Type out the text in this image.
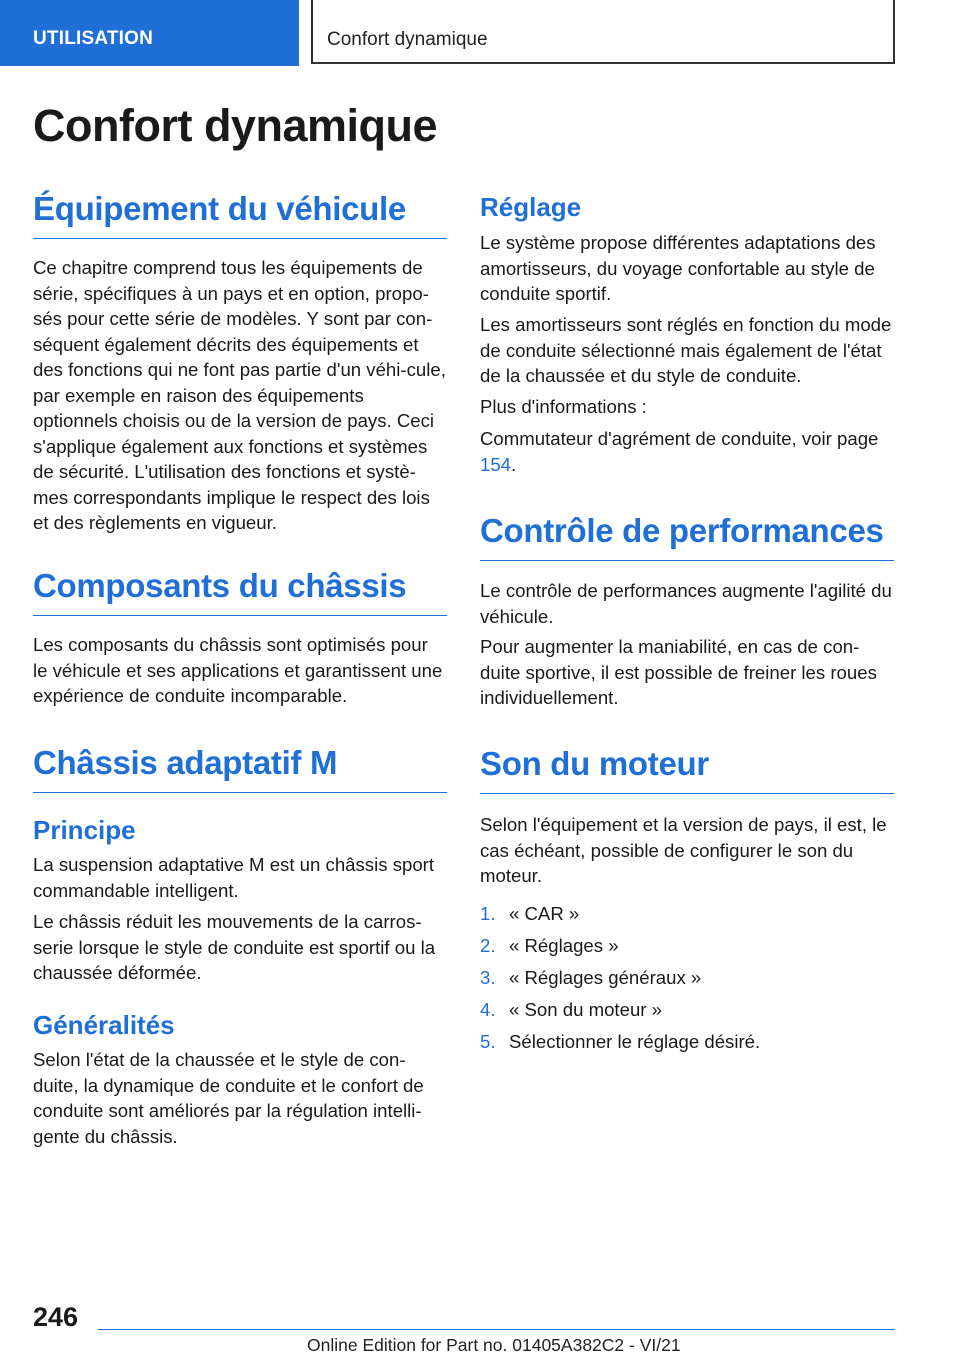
UTILISATION	Confort dynamique
Confort dynamique
Équipement du véhicule

Ce chapitre comprend tous les équipements de série, spécifiques à un pays et en option, propo-sés pour cette série de modèles. Y sont par con-séquent également décrits des équipements et des fonctions qui ne font pas partie d'un véhi-cule, par exemple en raison des équipements optionnels choisis ou de la version de pays. Ceci s'applique également aux fonctions et systèmes de sécurité. L'utilisation des fonctions et systè-mes correspondants implique le respect des lois et des règlements en vigueur.

Composants du châssis

Les composants du châssis sont optimisés pour le véhicule et ses applications et garantissent une expérience de conduite incomparable.

Châssis adaptatif M
Principe

La suspension adaptative M est un châssis sport commandable intelligent.

Le châssis réduit les mouvements de la carros-serie lorsque le style de conduite est sportif ou la chaussée déformée.

Généralités

Selon l'état de la chaussée et le style de con-duite, la dynamique de conduite et le confort de conduite sont améliorés par la régulation intelli-gente du châssis.

Réglage

Le système propose différentes adaptations des amortisseurs, du voyage confortable au style de conduite sportif.

Les amortisseurs sont réglés en fonction du mode de conduite sélectionné mais également de l'état de la chaussée et du style de conduite.

Plus d'informations :

Commutateur d'agrément de conduite, voir page 154.

Contrôle de performances

Le contrôle de performances augmente l'agilité du véhicule.

Pour augmenter la maniabilité, en cas de con-duite sportive, il est possible de freiner les roues individuellement.

Son du moteur

Selon l'équipement et la version de pays, il est, le cas échéant, possible de configurer le son du moteur.

1. « CAR »
2. « Réglages »
3. « Réglages généraux »
4. « Son du moteur »
5. Sélectionner le réglage désiré.
246
Online Edition for Part no. 01405A382C2 - VI/21
